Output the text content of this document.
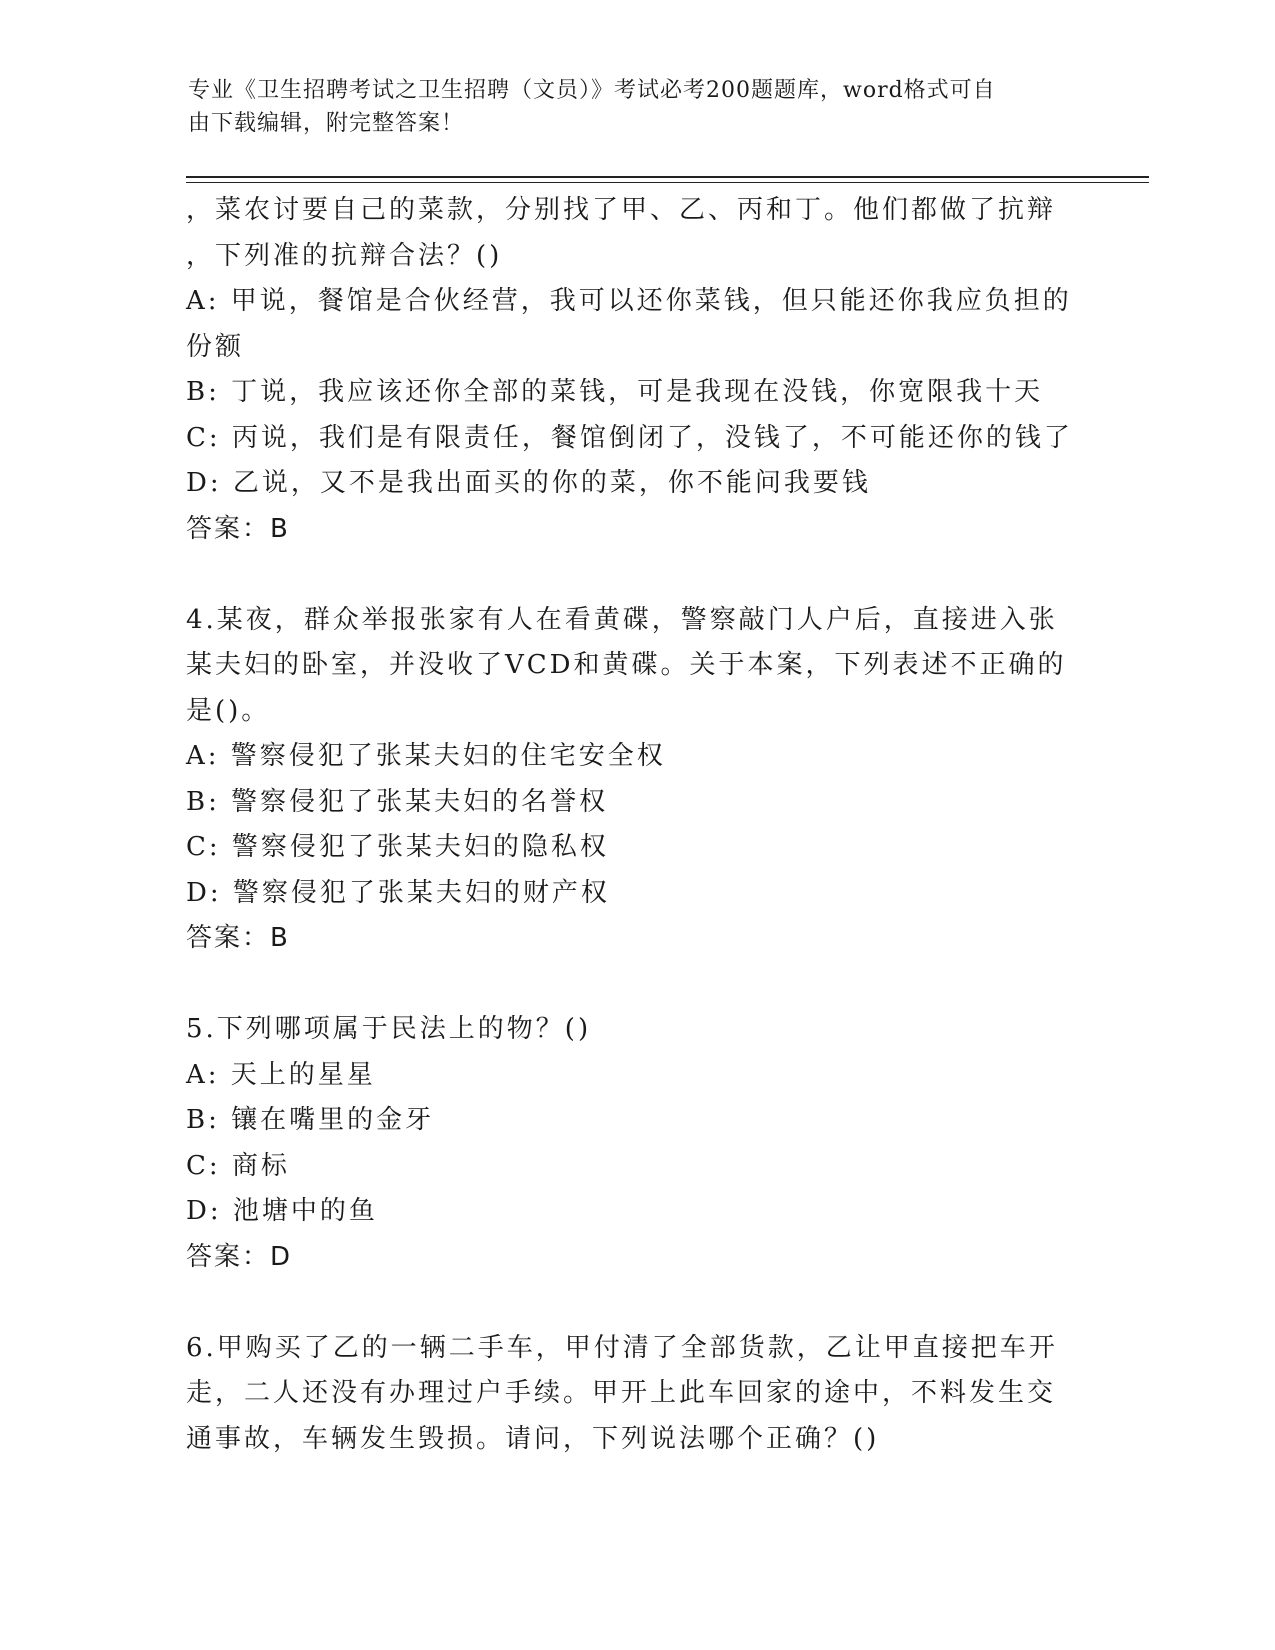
专业《卫生招聘考试之卫生招聘（文员）》考试必考200题题库，word格式可自
由下载编辑，附完整答案！

，菜农讨要自己的菜款，分别找了甲、乙、丙和丁。他们都做了抗辩

，下列准的抗辩合法？()

A: 甲说，餐馆是合伙经营，我可以还你菜钱，但只能还你我应负担的

份额

B: 丁说，我应该还你全部的菜钱，可是我现在没钱，你宽限我十天

C: 丙说，我们是有限责任，餐馆倒闭了，没钱了，不可能还你的钱了

D: 乙说，又不是我出面买的你的菜，你不能问我要钱

答案：B

4.某夜，群众举报张家有人在看黄碟，警察敲门人户后，直接进入张

某夫妇的卧室，并没收了VCD和黄碟。关于本案，下列表述不正确的

是()。

A: 警察侵犯了张某夫妇的住宅安全权

B: 警察侵犯了张某夫妇的名誉权

C: 警察侵犯了张某夫妇的隐私权

D: 警察侵犯了张某夫妇的财产权

答案：B

5.下列哪项属于民法上的物？()

A: 天上的星星

B: 镶在嘴里的金牙

C: 商标

D: 池塘中的鱼

答案：D

6.甲购买了乙的一辆二手车，甲付清了全部货款，乙让甲直接把车开

走，二人还没有办理过户手续。甲开上此车回家的途中，不料发生交

通事故，车辆发生毁损。请问，下列说法哪个正确？()
